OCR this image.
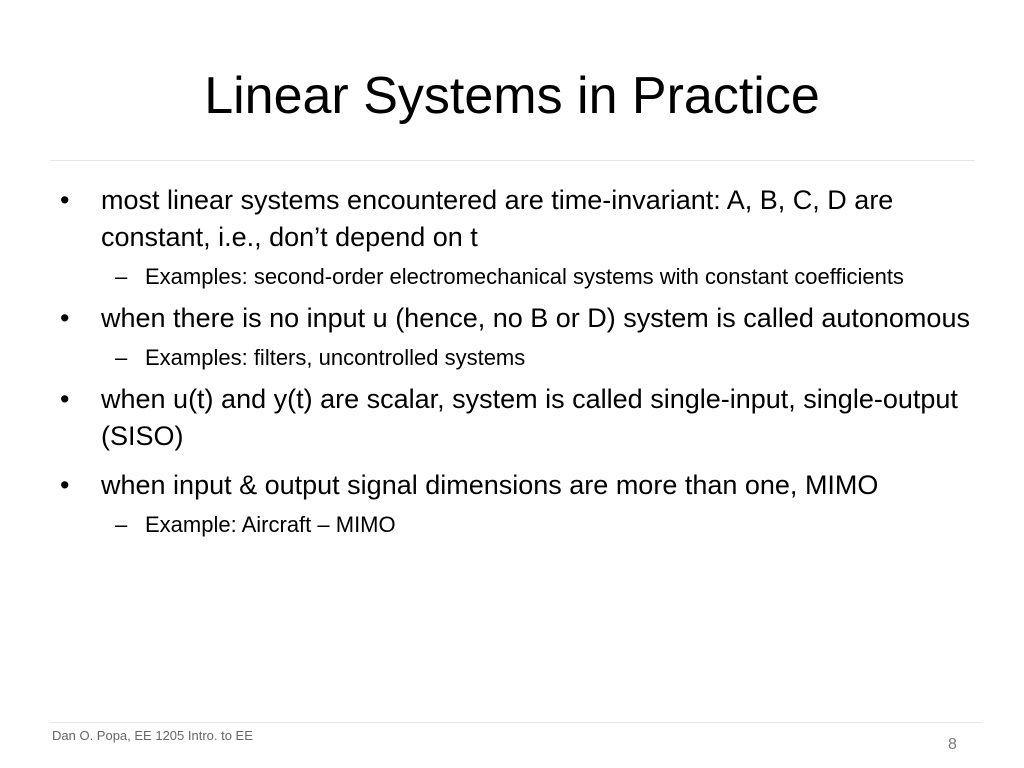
Linear Systems in Practice
•	most linear systems encountered are time-invariant: A, B, C, D are constant, i.e., don’t depend on t
– Examples: second-order electromechanical systems with constant coefficients
•	when there is no input u (hence, no B or D) system is called autonomous
– Examples: filters, uncontrolled systems
•	when u(t) and y(t) are scalar, system is called single-input, single-output (SISO)
•	when input & output signal dimensions are more than one, MIMO
– Example: Aircraft – MIMO
Dan O. Popa, EE 1205 Intro. to EE
8
